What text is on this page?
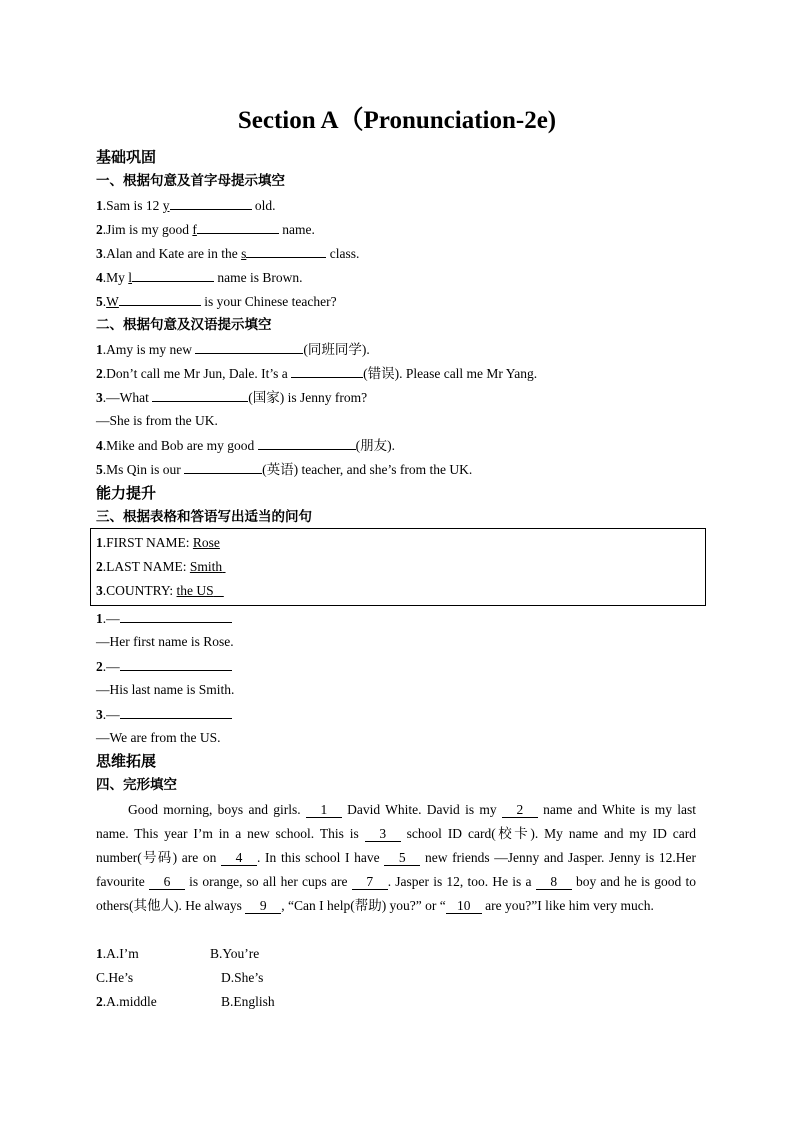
Section A（Pronunciation-2e)
基础巩固
一、根据句意及首字母提示填空
1.Sam is 12 y	old.
2.Jim is my good f	name.
3.Alan and Kate are in the s	class.
4.My l	name is Brown.
5.W	is your Chinese teacher?
二、根据句意及汉语提示填空
1.Amy is my new	(同班同学).
2.Don’t call me Mr Jun, Dale. It’s a	(错误). Please call me Mr Yang.
3.—What	(国家) is Jenny from?
—She is from the UK.
4.Mike and Bob are my good	(朋友).
5.Ms Qin is our	(英语) teacher, and she’s from the UK.
能力提升
三、根据表格和答语写出适当的问句
1.FIRST NAME: Rose
2.LAST NAME: Smith
3.COUNTRY: the US
1.—
—Her first name is Rose.
2.—
—His last name is Smith.
3.—
—We are from the US.
思维拓展
四、完形填空
Good morning, boys and girls. 1 David White. David is my 2 name and White is my last name. This year I’m in a new school. This is 3 school ID card(校卡). My name and my ID card number(号码) are on 4 . In this school I have 5 new friends —Jenny and Jasper. Jenny is 12.Her favourite 6 is orange, so all her cups are 7 . Jasper is 12, too. He is a 8 boy and he is good to others(其他人). He always 9 , “Can I help(帮助) you?” or “ 10 are you?”I like him very much.
1.A.I’m	B.You’re
C.He’s	D.She’s
2.A.middle	B.English
